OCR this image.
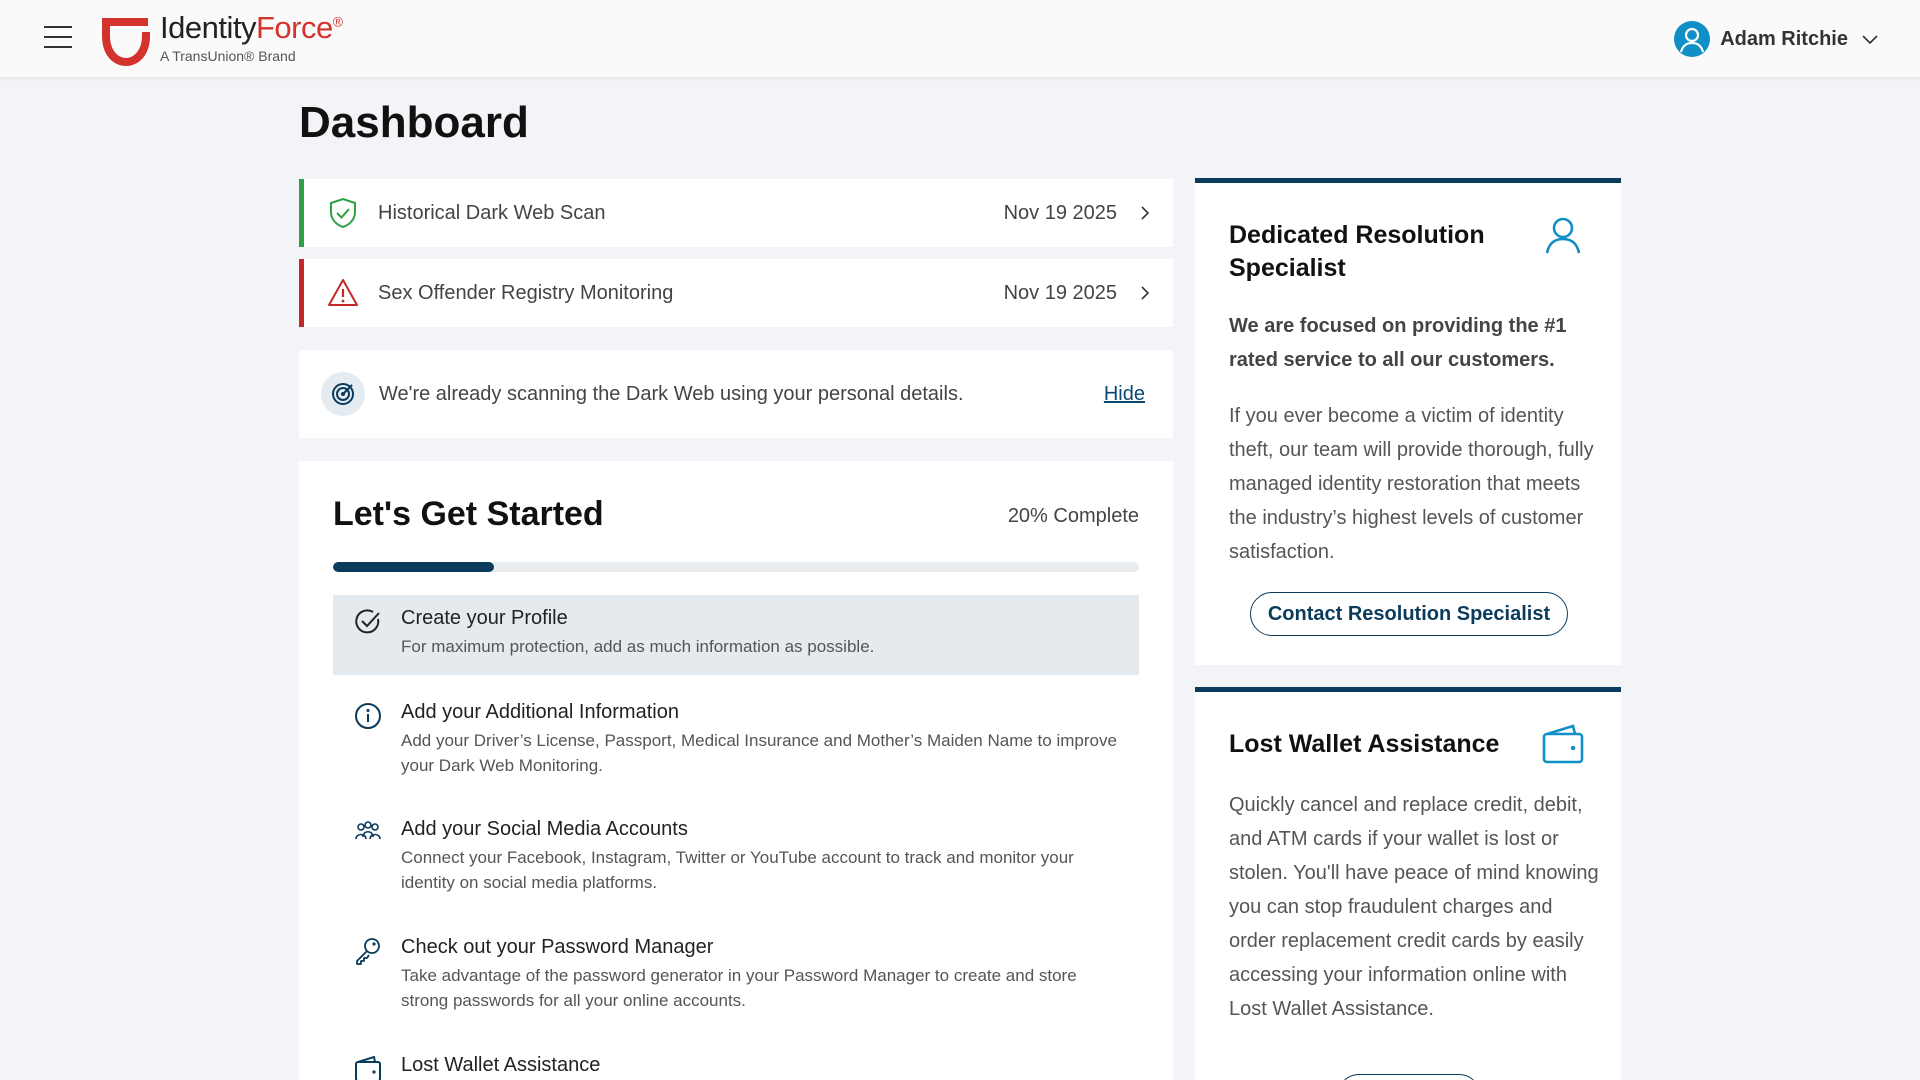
IdentityForce®
A TransUnion® Brand
Adam Ritchie
Dashboard
Historical Dark Web Scan	Nov 19 2025
Sex Offender Registry Monitoring	Nov 19 2025
We're already scanning the Dark Web using your personal details.	Hide
Let's Get Started	20% Complete
Create your Profile
For maximum protection, add as much information as possible.
Add your Additional Information
Add your Driver’s License, Passport, Medical Insurance and Mother’s Maiden Name to improve your Dark Web Monitoring.
Add your Social Media Accounts
Connect your Facebook, Instagram, Twitter or YouTube account to track and monitor your identity on social media platforms.
Check out your Password Manager
Take advantage of the password generator in your Password Manager to create and store strong passwords for all your online accounts.
Lost Wallet Assistance
Dedicated Resolution Specialist

We are focused on providing the #1 rated service to all our customers.

If you ever become a victim of identity theft, our team will provide thorough, fully managed identity restoration that meets the industry’s highest levels of customer satisfaction.

Contact Resolution Specialist
Lost Wallet Assistance

Quickly cancel and replace credit, debit, and ATM cards if your wallet is lost or stolen. You'll have peace of mind knowing you can stop fraudulent charges and order replacement credit cards by easily accessing your information online with Lost Wallet Assistance.
